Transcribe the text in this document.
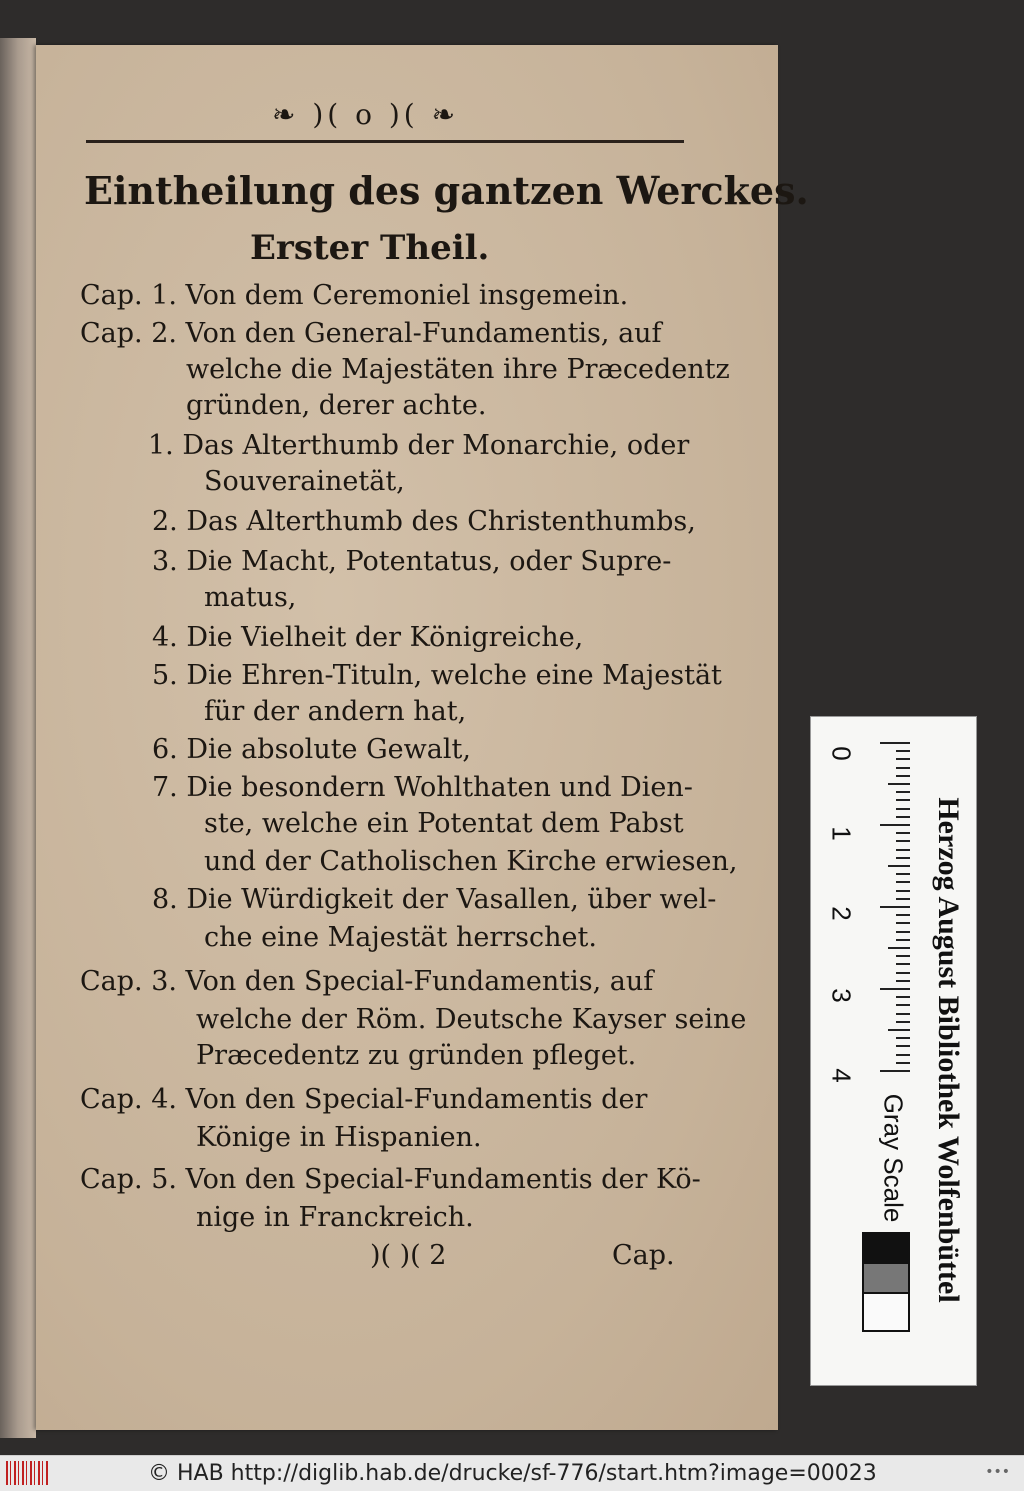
❧ )( o )( ❧
Eintheilung des gantzen Werckes.
Erster Theil.
Cap. 1. Von dem Ceremoniel insgemein.
Cap. 2. Von den General-Fundamentis, auf
welche die Majestäten ihre Præcedentz
gründen, derer achte.
1. Das Alterthumb der Monarchie, oder
Souverainetät,
2. Das Alterthumb des Christenthumbs,
3. Die Macht, Potentatus, oder Supre-
matus,
4. Die Vielheit der Königreiche,
5. Die Ehren-Tituln, welche eine Majestät
für der andern hat,
6. Die absolute Gewalt,
7. Die besondern Wohlthaten und Dien-
ste, welche ein Potentat dem Pabst
und der Catholischen Kirche erwiesen,
8. Die Würdigkeit der Vasallen, über wel-
che eine Majestät herrschet.
Cap. 3. Von den Special-Fundamentis, auf
welche der Röm. Deutsche Kayser seine
Præcedentz zu gründen pfleget.
Cap. 4. Von den Special-Fundamentis der
Könige in Hispanien.
Cap. 5. Von den Special-Fundamentis der Kö-
nige in Franckreich.
)( )( 2	Cap.	Herzog August Bibliothek Wolfenbüttel
0
1
2
3
4
Gray Scale
© HAB http://diglib.hab.de/drucke/sf-776/start.htm?image=00023	•••
